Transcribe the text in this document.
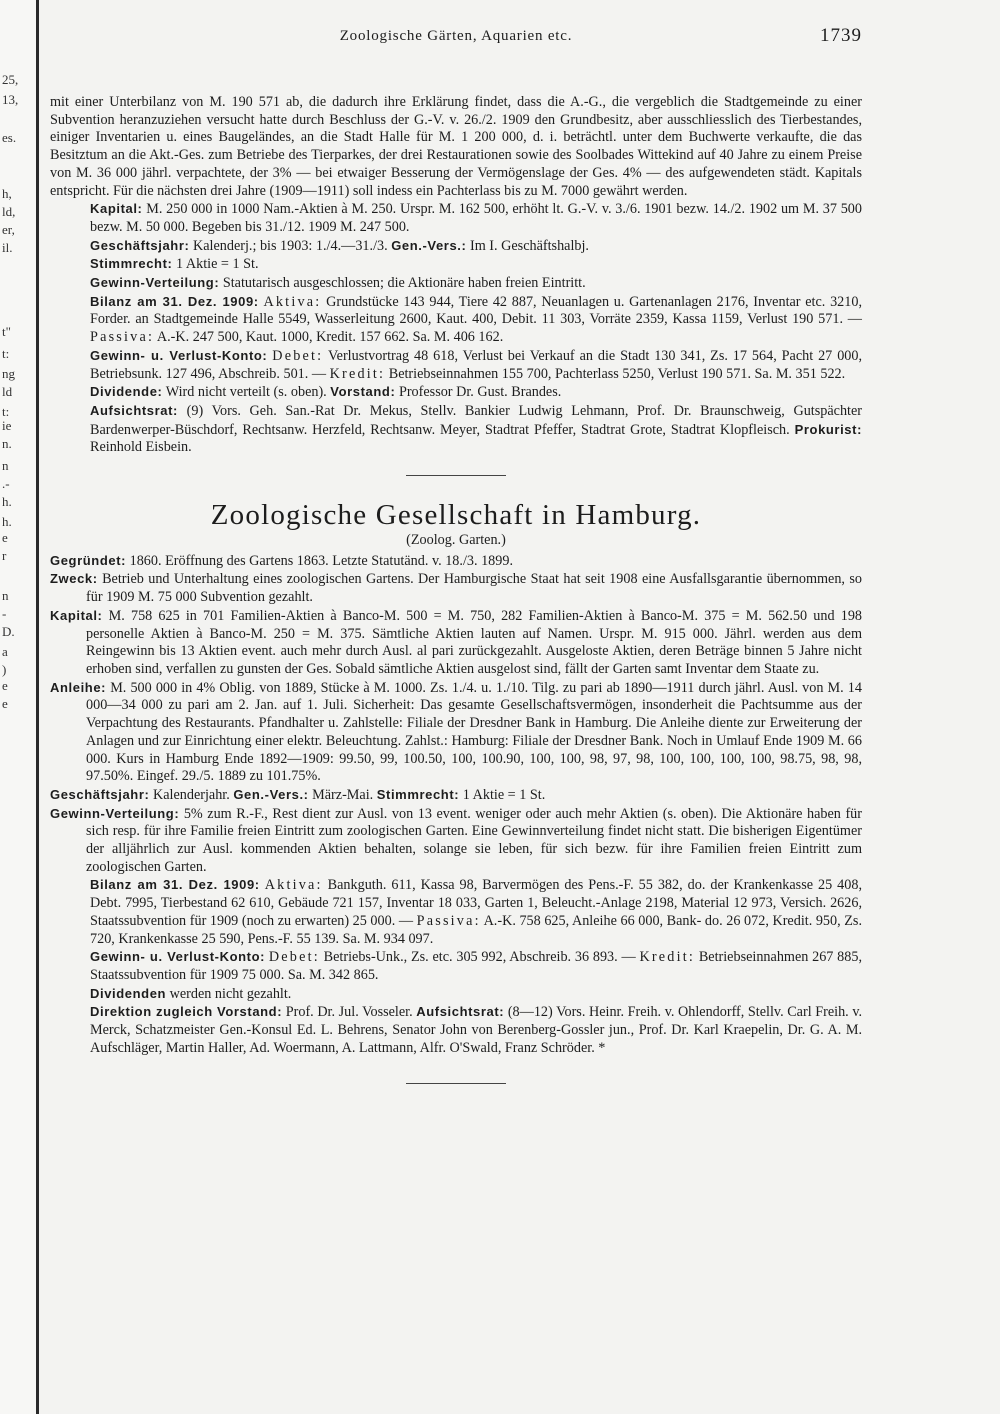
25,
13,
es.
h,
ld,
er,
il.
t"
t:
ng
ld
t:
ie
n.
n
.-
h.
h.
e
r
n
-
D.
a
)
e
e
Zoologische Gärten, Aquarien etc.	1739

mit einer Unterbilanz von M. 190 571 ab, die dadurch ihre Erklärung findet, dass die A.-G., die vergeblich die Stadtgemeinde zu einer Subvention heranzuziehen versucht hatte durch Beschluss der G.-V. v. 26./2. 1909 den Grundbesitz, aber ausschliesslich des Tierbestandes, einiger Inventarien u. eines Baugeländes, an die Stadt Halle für M. 1 200 000, d. i. beträchtl. unter dem Buchwerte verkaufte, die das Besitztum an die Akt.-Ges. zum Betriebe des Tierparkes, der drei Restaurationen sowie des Soolbades Wittekind auf 40 Jahre zu einem Preise von M. 36 000 jährl. verpachtete, der 3% — bei etwaiger Besserung der Vermögenslage der Ges. 4% — des aufgewendeten städt. Kapitals entspricht. Für die nächsten drei Jahre (1909—1911) soll indess ein Pachterlass bis zu M. 7000 gewährt werden.

Kapital: M. 250 000 in 1000 Nam.-Aktien à M. 250. Urspr. M. 162 500, erhöht lt. G.-V. v. 3./6. 1901 bezw. 14./2. 1902 um M. 37 500 bezw. M. 50 000. Begeben bis 31./12. 1909 M. 247 500.

Geschäftsjahr: Kalenderj.; bis 1903: 1./4.—31./3. Gen.-Vers.: Im I. Geschäftshalbj.

Stimmrecht: 1 Aktie = 1 St.

Gewinn-Verteilung: Statutarisch ausgeschlossen; die Aktionäre haben freien Eintritt.

Bilanz am 31. Dez. 1909: Aktiva: Grundstücke 143 944, Tiere 42 887, Neuanlagen u. Gartenanlagen 2176, Inventar etc. 3210, Forder. an Stadtgemeinde Halle 5549, Wasserleitung 2600, Kaut. 400, Debit. 11 303, Vorräte 2359, Kassa 1159, Verlust 190 571. — Passiva: A.-K. 247 500, Kaut. 1000, Kredit. 157 662. Sa. M. 406 162.

Gewinn- u. Verlust-Konto: Debet: Verlustvortrag 48 618, Verlust bei Verkauf an die Stadt 130 341, Zs. 17 564, Pacht 27 000, Betriebsunk. 127 496, Abschreib. 501. — Kredit: Betriebseinnahmen 155 700, Pachterlass 5250, Verlust 190 571. Sa. M. 351 522.

Dividende: Wird nicht verteilt (s. oben). Vorstand: Professor Dr. Gust. Brandes.

Aufsichtsrat: (9) Vors. Geh. San.-Rat Dr. Mekus, Stellv. Bankier Ludwig Lehmann, Prof. Dr. Braunschweig, Gutspächter Bardenwerper-Büschdorf, Rechtsanw. Herzfeld, Rechtsanw. Meyer, Stadtrat Pfeffer, Stadtrat Grote, Stadtrat Klopfleisch. Prokurist: Reinhold Eisbein.

Zoologische Gesellschaft in Hamburg.
(Zoolog. Garten.)

Gegründet: 1860. Eröffnung des Gartens 1863. Letzte Statutänd. v. 18./3. 1899.

Zweck: Betrieb und Unterhaltung eines zoologischen Gartens. Der Hamburgische Staat hat seit 1908 eine Ausfallsgarantie übernommen, so für 1909 M. 75 000 Subvention gezahlt.

Kapital: M. 758 625 in 701 Familien-Aktien à Banco-M. 500 = M. 750, 282 Familien-Aktien à Banco-M. 375 = M. 562.50 und 198 personelle Aktien à Banco-M. 250 = M. 375. Sämtliche Aktien lauten auf Namen. Urspr. M. 915 000. Jährl. werden aus dem Reingewinn bis 13 Aktien event. auch mehr durch Ausl. al pari zurückgezahlt. Ausgeloste Aktien, deren Beträge binnen 5 Jahre nicht erhoben sind, verfallen zu gunsten der Ges. Sobald sämtliche Aktien ausgelost sind, fällt der Garten samt Inventar dem Staate zu.

Anleihe: M. 500 000 in 4% Oblig. von 1889, Stücke à M. 1000. Zs. 1./4. u. 1./10. Tilg. zu pari ab 1890—1911 durch jährl. Ausl. von M. 14 000—34 000 zu pari am 2. Jan. auf 1. Juli. Sicherheit: Das gesamte Gesellschaftsvermögen, insonderheit die Pachtsumme aus der Verpachtung des Restaurants. Pfandhalter u. Zahlstelle: Filiale der Dresdner Bank in Hamburg. Die Anleihe diente zur Erweiterung der Anlagen und zur Einrichtung einer elektr. Beleuchtung. Zahlst.: Hamburg: Filiale der Dresdner Bank. Noch in Umlauf Ende 1909 M. 66 000. Kurs in Hamburg Ende 1892—1909: 99.50, 99, 100.50, 100, 100.90, 100, 100, 98, 97, 98, 100, 100, 100, 100, 98.75, 98, 98, 97.50%. Eingef. 29./5. 1889 zu 101.75%.

Geschäftsjahr: Kalenderjahr. Gen.-Vers.: März-Mai. Stimmrecht: 1 Aktie = 1 St.

Gewinn-Verteilung: 5% zum R.-F., Rest dient zur Ausl. von 13 event. weniger oder auch mehr Aktien (s. oben). Die Aktionäre haben für sich resp. für ihre Familie freien Eintritt zum zoologischen Garten. Eine Gewinnverteilung findet nicht statt. Die bisherigen Eigentümer der alljährlich zur Ausl. kommenden Aktien behalten, solange sie leben, für sich bezw. für ihre Familien freien Eintritt zum zoologischen Garten.

Bilanz am 31. Dez. 1909: Aktiva: Bankguth. 611, Kassa 98, Barvermögen des Pens.-F. 55 382, do. der Krankenkasse 25 408, Debt. 7995, Tierbestand 62 610, Gebäude 721 157, Inventar 18 033, Garten 1, Beleucht.-Anlage 2198, Material 12 973, Versich. 2626, Staatssubvention für 1909 (noch zu erwarten) 25 000. — Passiva: A.-K. 758 625, Anleihe 66 000, Bank- do. 26 072, Kredit. 950, Zs. 720, Krankenkasse 25 590, Pens.-F. 55 139. Sa. M. 934 097.

Gewinn- u. Verlust-Konto: Debet: Betriebs-Unk., Zs. etc. 305 992, Abschreib. 36 893. — Kredit: Betriebseinnahmen 267 885, Staatssubvention für 1909 75 000. Sa. M. 342 865.

Dividenden werden nicht gezahlt.

Direktion zugleich Vorstand: Prof. Dr. Jul. Vosseler. Aufsichtsrat: (8—12) Vors. Heinr. Freih. v. Ohlendorff, Stellv. Carl Freih. v. Merck, Schatzmeister Gen.-Konsul Ed. L. Behrens, Senator John von Berenberg-Gossler jun., Prof. Dr. Karl Kraepelin, Dr. G. A. M. Aufschläger, Martin Haller, Ad. Woermann, A. Lattmann, Alfr. O'Swald, Franz Schröder. *
